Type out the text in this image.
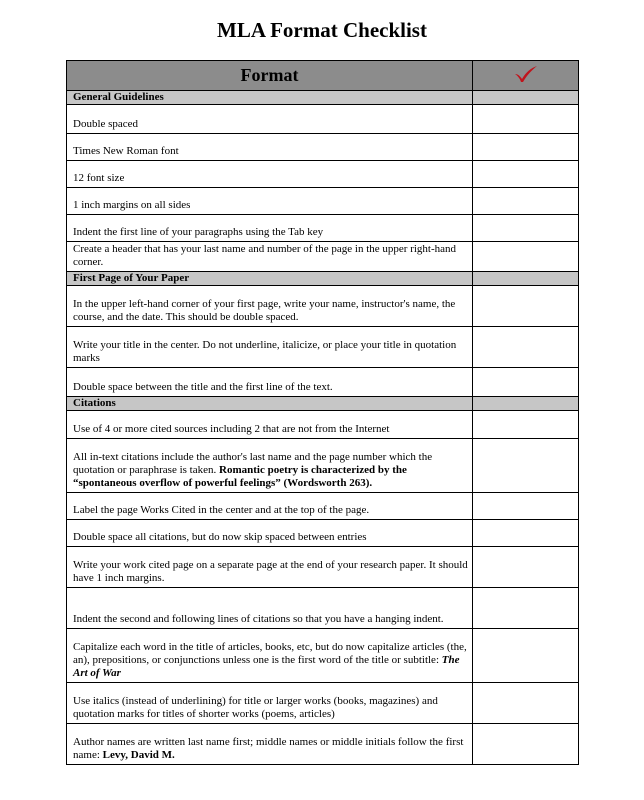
MLA Format Checklist
Format	
General Guidelines	
Double spaced	
Times New Roman font	
12 font size	
1 inch margins on all sides	
Indent the first line of your paragraphs using the Tab key	
Create a header that has your last name and number of the page in the upper right-hand corner.	
First Page of Your Paper	
In the upper left-hand corner of your first page, write your name, instructor's name, the course, and the date. This should be double spaced.	
Write your title in the center. Do not underline, italicize, or place your title in quotation marks	
Double space between the title and the first line of the text.	
Citations	
Use of 4 or more cited sources including 2 that are not from the Internet	
All in-text citations include the author's last name and the page number which the quotation or paraphrase is taken. Romantic poetry is characterized by the “spontaneous overflow of powerful feelings” (Wordsworth 263).	
Label the page Works Cited in the center and at the top of the page.	
Double space all citations, but do now skip spaced between entries	
Write your work cited page on a separate page at the end of your research paper. It should have 1 inch margins.	
Indent the second and following lines of citations so that you have a hanging indent.	
Capitalize each word in the title of articles, books, etc, but do now capitalize articles (the, an), prepositions, or conjunctions unless one is the first word of the title or subtitle: The Art of War	
Use italics (instead of underlining) for title or larger works (books, magazines) and quotation marks for titles of shorter works (poems, articles)	
Author names are written last name first; middle names or middle initials follow the first name: Levy, David M.	
